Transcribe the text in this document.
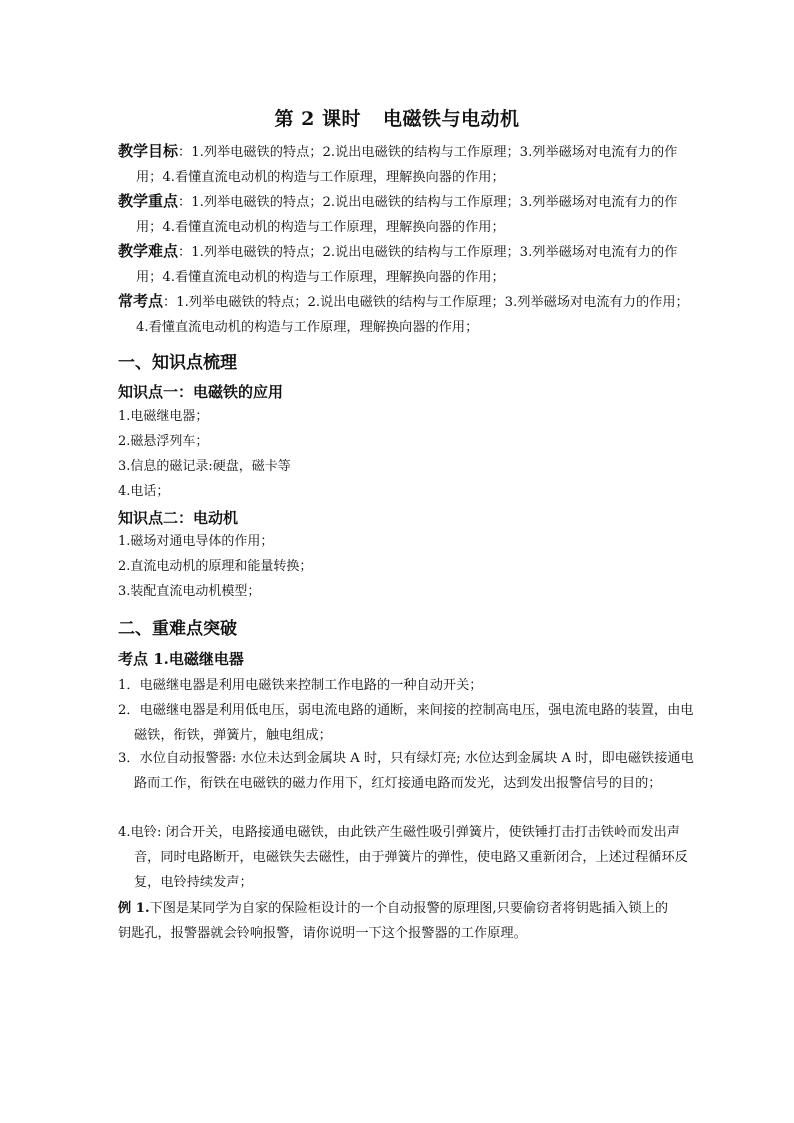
第 2 课时 电磁铁与电动机
教学目标：1.列举电磁铁的特点；2.说出电磁铁的结构与工作原理；3.列举磁场对电流有力的作用；4.看懂直流电动机的构造与工作原理，理解换向器的作用；
教学重点：1.列举电磁铁的特点；2.说出电磁铁的结构与工作原理；3.列举磁场对电流有力的作用；4.看懂直流电动机的构造与工作原理，理解换向器的作用；
教学难点：1.列举电磁铁的特点；2.说出电磁铁的结构与工作原理；3.列举磁场对电流有力的作用；4.看懂直流电动机的构造与工作原理，理解换向器的作用；
常考点：1.列举电磁铁的特点；2.说出电磁铁的结构与工作原理；3.列举磁场对电流有力的作用；4.看懂直流电动机的构造与工作原理，理解换向器的作用；
一、知识点梳理
知识点一：电磁铁的应用
1.电磁继电器；
2.磁悬浮列车；
3.信息的磁记录:硬盘，磁卡等
4.电话；
知识点二：电动机
1.磁场对通电导体的作用；
2.直流电动机的原理和能量转换；
3.装配直流电动机模型；
二、重难点突破
考点 1.电磁继电器
1．电磁继电器是利用电磁铁来控制工作电路的一种自动开关；
2．电磁继电器是利用低电压，弱电流电路的通断，来间接的控制高电压，强电流电路的装置，由电磁铁，衔铁，弹簧片，触电组成；
3．水位自动报警器: 水位未达到金属块 A 时，只有绿灯亮; 水位达到金属块 A 时，即电磁铁接通电路而工作，衔铁在电磁铁的磁力作用下，红灯接通电路而发光，达到发出报警信号的目的；
4.电铃: 闭合开关，电路接通电磁铁，由此铁产生磁性吸引弹簧片，使铁锤打击打击铁岭而发出声音，同时电路断开，电磁铁失去磁性，由于弹簧片的弹性，使电路又重新闭合，上述过程循环反复，电铃持续发声；
例 1.下图是某同学为自家的保险柜设计的一个自动报警的原理图,只要偷窃者将钥匙插入锁上的钥匙孔，报警器就会铃响报警，请你说明一下这个报警器的工作原理。
